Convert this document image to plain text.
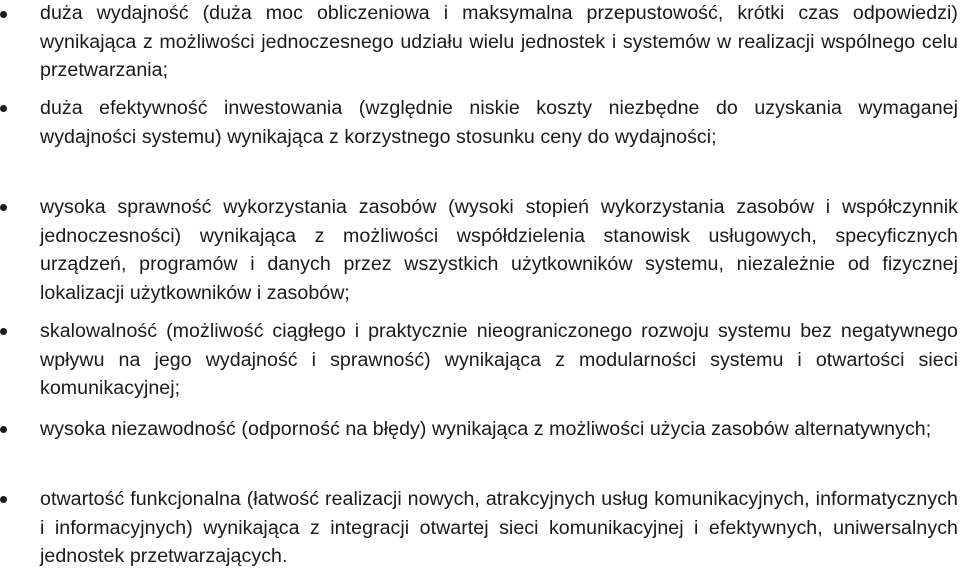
duża wydajność (duża moc obliczeniowa i maksymalna przepustowość, krótki czas odpowiedzi) wynikająca z możliwości jednoczesnego udziału wielu jednostek i systemów w realizacji wspólnego celu przetwarzania;

duża efektywność inwestowania (względnie niskie koszty niezbędne do uzyskania wymaganej wydajności systemu) wynikająca z korzystnego stosunku ceny do wydajności;

wysoka sprawność wykorzystania zasobów (wysoki stopień wykorzystania zasobów i współczynnik jednoczesności) wynikająca z możliwości współdzielenia stanowisk usługowych, specyficznych urządzeń, programów i danych przez wszystkich użytkowników systemu, niezależnie od fizycznej lokalizacji użytkowników i zasobów;

skalowalność (możliwość ciągłego i praktycznie nieograniczonego rozwoju systemu bez negatywnego wpływu na jego wydajność i sprawność) wynikająca z modularności systemu i otwartości sieci komunikacyjnej;

wysoka niezawodność (odporność na błędy) wynikająca z możliwości użycia zasobów alternatywnych;

otwartość funkcjonalna (łatwość realizacji nowych, atrakcyjnych usług komunikacyjnych, informatycznych i informacyjnych) wynikająca z integracji otwartej sieci komunikacyjnej i efektywnych, uniwersalnych jednostek przetwarzających.
